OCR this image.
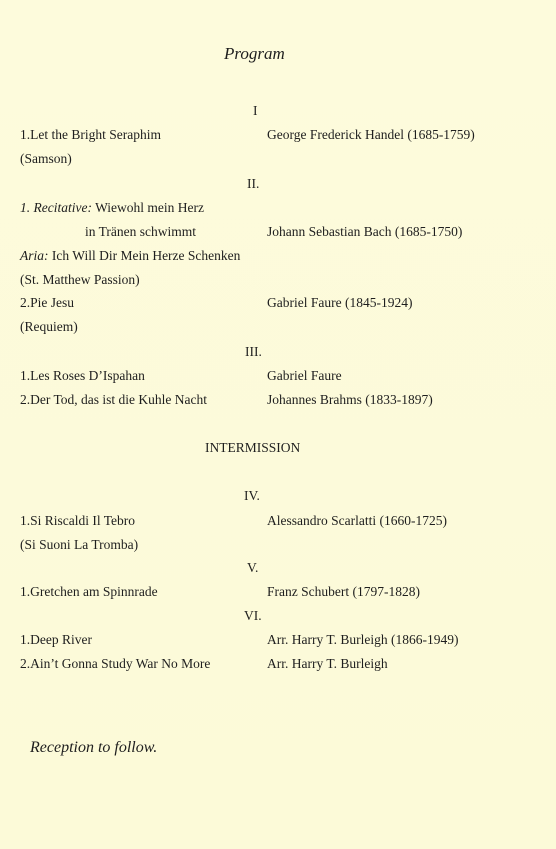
Program
I
1.Let the Bright Seraphim	George Frederick Handel (1685-1759)
(Samson)
II.
1. Recitative: Wiewohl mein Herz
in Tränen schwimmt	Johann Sebastian Bach (1685-1750)
Aria: Ich Will Dir Mein Herze Schenken
(St. Matthew Passion)
2.Pie Jesu	Gabriel Faure (1845-1924)
(Requiem)
III.
1.Les Roses D’Ispahan	Gabriel Faure
2.Der Tod, das ist die Kuhle Nacht	Johannes Brahms (1833-1897)
INTERMISSION
IV.
1.Si Riscaldi Il Tebro	Alessandro Scarlatti (1660-1725)
(Si Suoni La Tromba)
V.
1.Gretchen am Spinnrade	Franz Schubert (1797-1828)
VI.
1.Deep River	Arr. Harry T. Burleigh (1866-1949)
2.Ain’t Gonna Study War No More	Arr. Harry T. Burleigh
Reception to follow.
